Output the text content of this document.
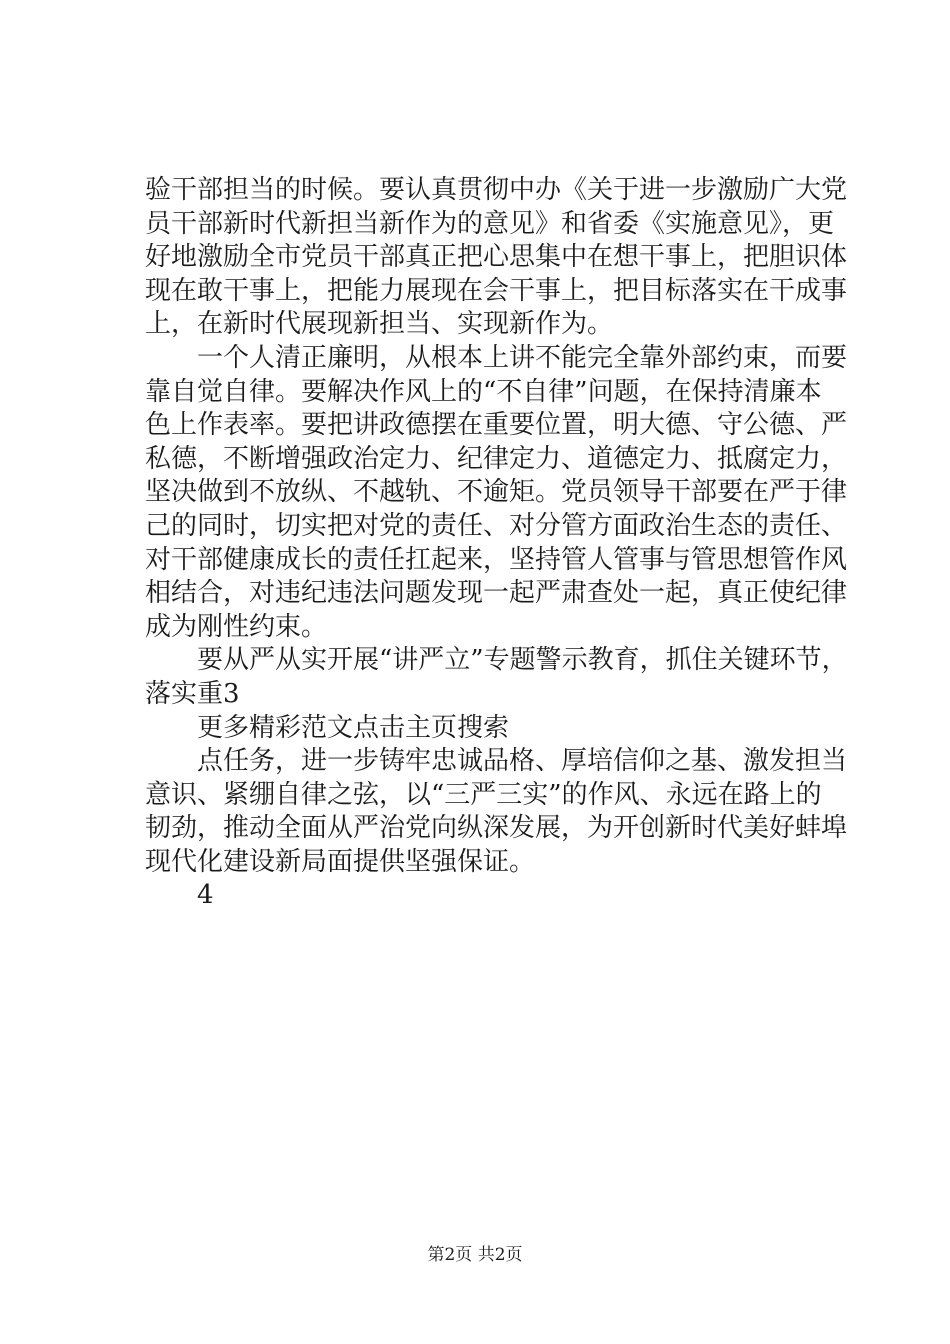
验干部担当的时候。要认真贯彻中办《关于进一步激励广大党
员干部新时代新担当新作为的意见》和省委《实施意见》，更
好地激励全市党员干部真正把心思集中在想干事上，把胆识体
现在敢干事上，把能力展现在会干事上，把目标落实在干成事
上，在新时代展现新担当、实现新作为。
一个人清正廉明，从根本上讲不能完全靠外部约束，而要
靠自觉自律。要解决作风上的“不自律”问题，在保持清廉本
色上作表率。要把讲政德摆在重要位置，明大德、守公德、严
私德，不断增强政治定力、纪律定力、道德定力、抵腐定力，
坚决做到不放纵、不越轨、不逾矩。党员领导干部要在严于律
己的同时，切实把对党的责任、对分管方面政治生态的责任、
对干部健康成长的责任扛起来，坚持管人管事与管思想管作风
相结合，对违纪违法问题发现一起严肃查处一起，真正使纪律
成为刚性约束。
要从严从实开展“讲严立”专题警示教育，抓住关键环节，
落实重3
更多精彩范文点击主页搜索
点任务，进一步铸牢忠诚品格、厚培信仰之基、激发担当
意识、紧绷自律之弦，以“三严三实”的作风、永远在路上的
韧劲，推动全面从严治党向纵深发展，为开创新时代美好蚌埠
现代化建设新局面提供坚强保证。
4
第2页 共2页
